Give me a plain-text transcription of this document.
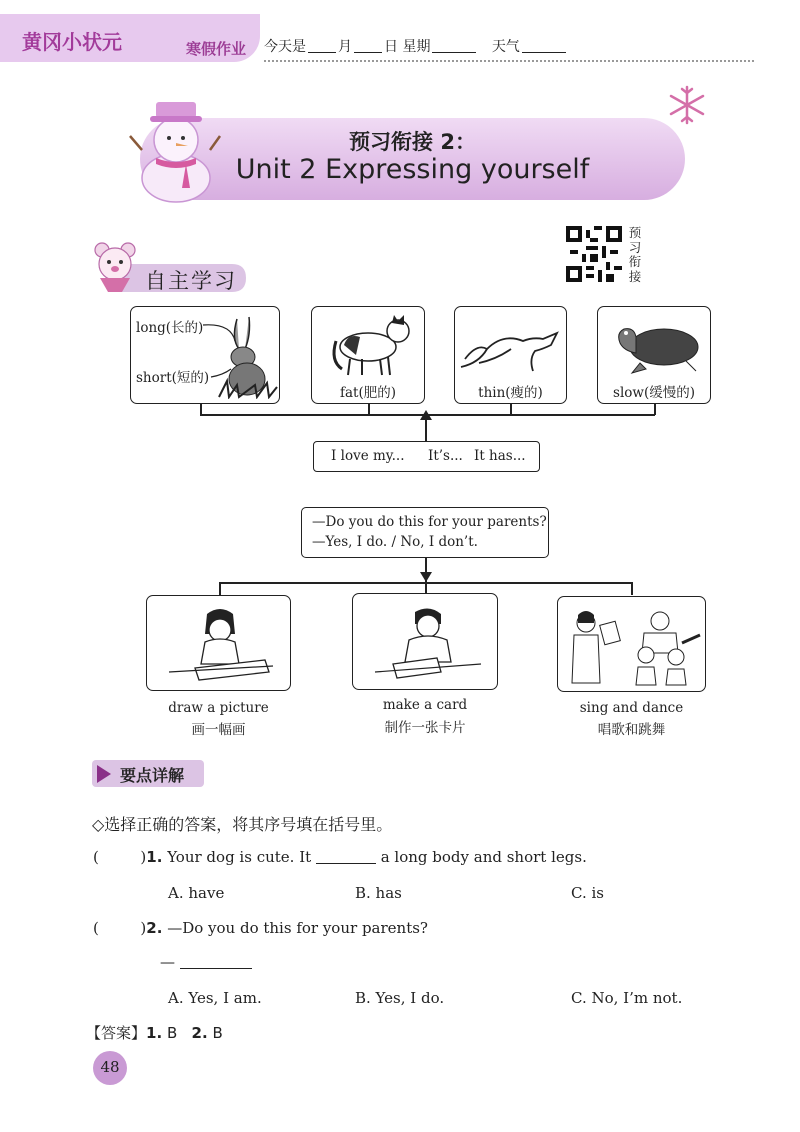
黄冈小状元	寒假作业 今天是 月 日 星期	天气
预习衔接 2：
Unit 2 Expressing yourself
自主学习
预习衔接
long(长的)
short(短的)
fat(肥的)	thin(瘦的)	slow(缓慢的)
I love my... It’s... It has...
—Do you do this for your parents?
—Yes, I do. / No, I don’t.
draw a picture
画一幅画
make a card
制作一张卡片
sing and dance
唱歌和跳舞
要点详解
◇选择正确的答案，将其序号填在括号里。
(	)1. Your dog is cute. It	a long body and short legs.
A. have	B. has	C. is
(	)2. —Do you do this for your parents?
—
A. Yes, I am.	B. Yes, I do.	C. No, I’m not.
【答案】1. B 2. B
48
